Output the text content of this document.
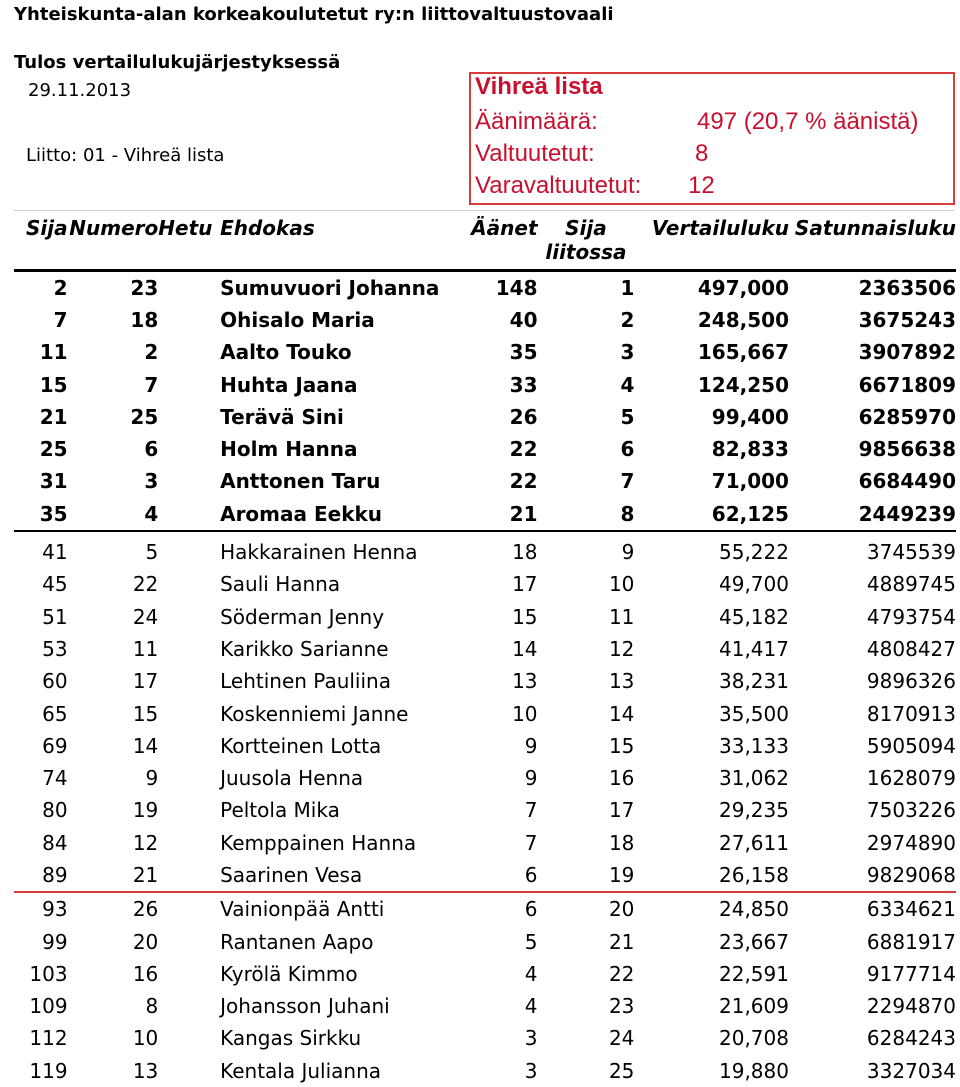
Yhteiskunta-alan korkeakoulutetut ry:n liittovaltuustovaali
Tulos vertailulukujärjestyksessä
29.11.2013
Liitto: 01 - Vihreä lista
Vihreä lista
Äänimäärä:	497 (20,7 % äänistä)
Valtuutetut:	8
Varavaltuutetut: 12
Sija	Numero	Hetu	Ehdokas	Äänet	Sija liitossa	Vertailuluku	Satunnaisluku
2	23		Sumuvuori Johanna	148	1	497,000	2363506
7	18		Ohisalo Maria	40	2	248,500	3675243
11	2		Aalto Touko	35	3	165,667	3907892
15	7		Huhta Jaana	33	4	124,250	6671809
21	25		Terävä Sini	26	5	99,400	6285970
25	6		Holm Hanna	22	6	82,833	9856638
31	3		Anttonen Taru	22	7	71,000	6684490
35	4		Aromaa Eekku	21	8	62,125	2449239
41	5		Hakkarainen Henna	18	9	55,222	3745539
45	22		Sauli Hanna	17	10	49,700	4889745
51	24		Söderman Jenny	15	11	45,182	4793754
53	11		Karikko Sarianne	14	12	41,417	4808427
60	17		Lehtinen Pauliina	13	13	38,231	9896326
65	15		Koskenniemi Janne	10	14	35,500	8170913
69	14		Kortteinen Lotta	9	15	33,133	5905094
74	9		Juusola Henna	9	16	31,062	1628079
80	19		Peltola Mika	7	17	29,235	7503226
84	12		Kemppainen Hanna	7	18	27,611	2974890
89	21		Saarinen Vesa	6	19	26,158	9829068
93	26		Vainionpää Antti	6	20	24,850	6334621
99	20		Rantanen Aapo	5	21	23,667	6881917
103	16		Kyrölä Kimmo	4	22	22,591	9177714
109	8		Johansson Juhani	4	23	21,609	2294870
112	10		Kangas Sirkku	3	24	20,708	6284243
119	13		Kentala Julianna	3	25	19,880	3327034
